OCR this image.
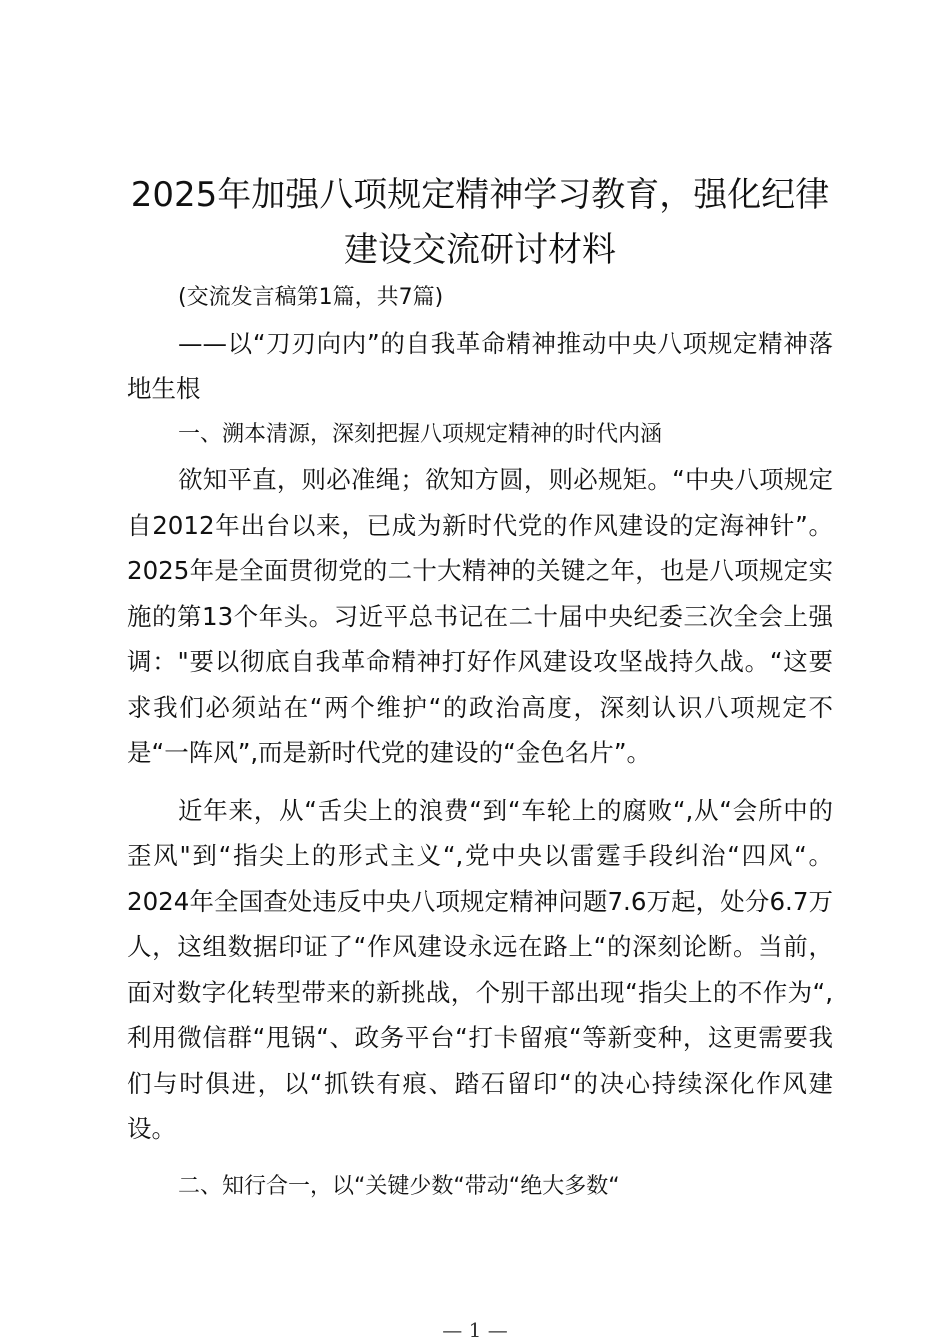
2025年加强八项规定精神学习教育，强化纪律建设交流研讨材料

(交流发言稿第1篇，共7篇)

——以“刀刃向内”的自我革命精神推动中央八项规定精神落地生根

一、溯本清源，深刻把握八项规定精神的时代内涵

欲知平直，则必准绳；欲知方圆，则必规矩。“中央八项规定自2012年出台以来，已成为新时代党的作风建设的定海神针”。2025年是全面贯彻党的二十大精神的关键之年，也是八项规定实施的第13个年头。习近平总书记在二十届中央纪委三次全会上强调："要以彻底自我革命精神打好作风建设攻坚战持久战。“这要求我们必须站在“两个维护“的政治高度，深刻认识八项规定不是“一阵风”,而是新时代党的建设的“金色名片”。

近年来，从“舌尖上的浪费“到“车轮上的腐败“,从“会所中的歪风"到“指尖上的形式主义“,党中央以雷霆手段纠治“四风“。2024年全国查处违反中央八项规定精神问题7.6万起，处分6.7万人，这组数据印证了“作风建设永远在路上“的深刻论断。当前，面对数字化转型带来的新挑战，个别干部出现“指尖上的不作为“,利用微信群“甩锅“、政务平台“打卡留痕“等新变种，这更需要我们与时俱进，以“抓铁有痕、踏石留印“的决心持续深化作风建设。

二、知行合一，以“关键少数“带动“绝大多数“

— 1 —
